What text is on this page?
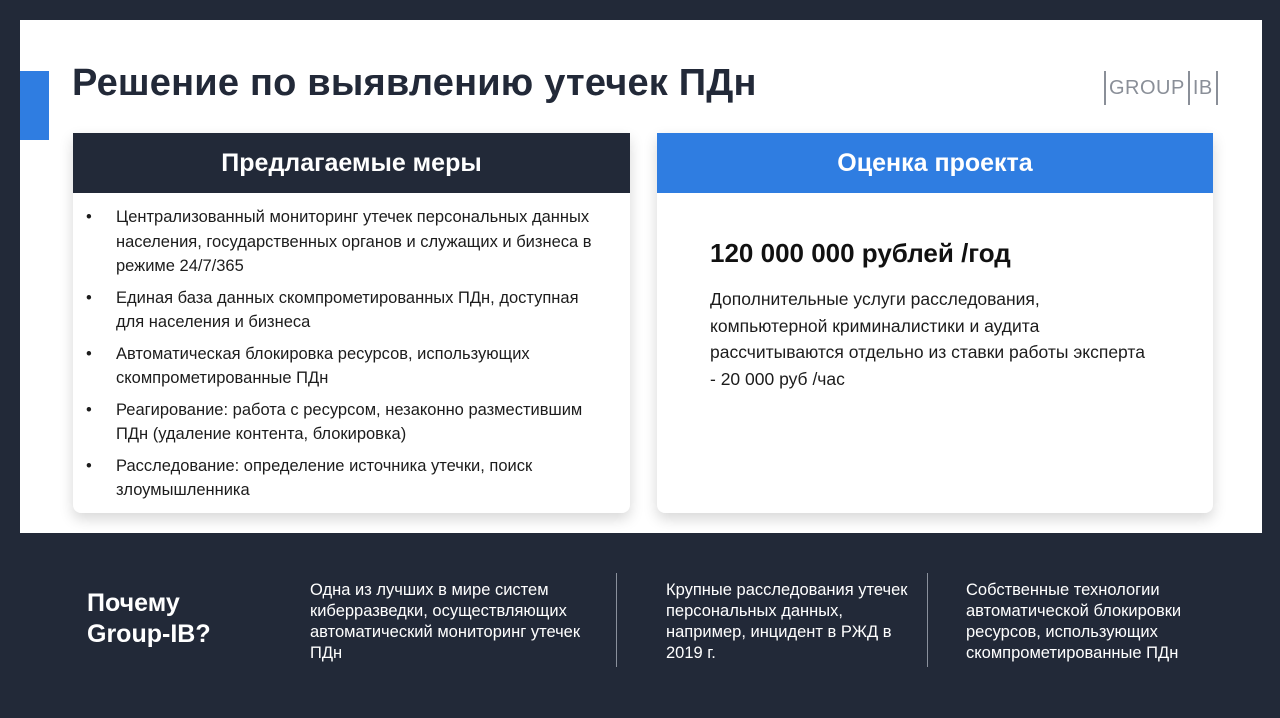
Решение по выявлению утечек ПДн	GROUP IB
Предлагаемые меры
• Централизованный мониторинг утечек персональных данных населения, государственных органов и служащих и бизнеса в режиме 24/7/365
• Единая база данных скомпрометированных ПДн, доступная для населения и бизнеса
• Автоматическая блокировка ресурсов, использующих скомпрометированные ПДн
• Реагирование: работа с ресурсом, незаконно разместившим ПДн (удаление контента, блокировка)
• Расследование: определение источника утечки, поиск злоумышленника
Оценка проекта
120 000 000 рублей /год
Дополнительные услуги расследования, компьютерной криминалистики и аудита рассчитываются отдельно из ставки работы эксперта - 20 000 руб /час
Почему
Group-IB?
Одна из лучших в мире систем киберразведки, осуществляющих автоматический мониторинг утечек ПДн
Крупные расследования утечек персональных данных, например, инцидент в РЖД в 2019 г.
Собственные технологии автоматической блокировки ресурсов, использующих скомпрометированные ПДн
